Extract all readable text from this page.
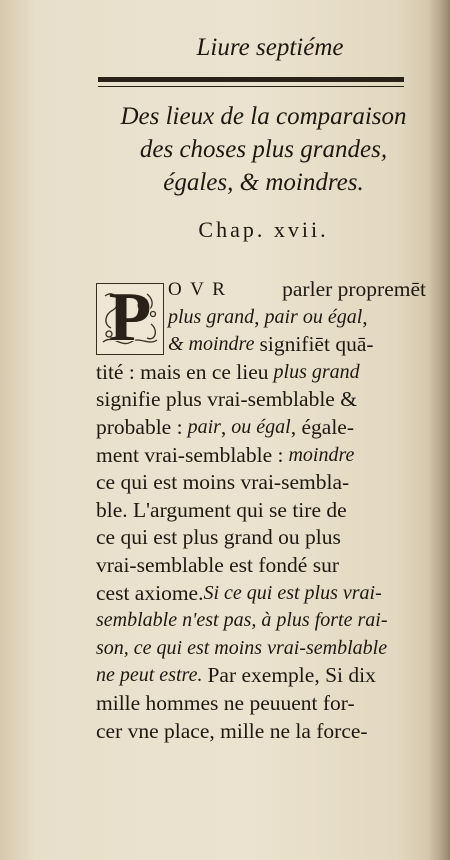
Liure septiéme
Des lieux de la comparaison
des choses plus grandes,
égales, & moindres.
Chap. xvii.
P O V R	parler propremēt
plus grand , pair ou égal ,
& moindre signifiēt quā-
tité : mais en ce lieu plus grand
signifie plus vrai-semblable &
probable : pair , ou égal , égale-
ment vrai-semblable : moindre
ce qui est moins vrai-sembla-
ble. L'argument qui se tire de
ce qui est plus grand ou plus
vrai-semblable est fondé sur
cest axiome. Si ce qui est plus vrai-
semblable n'est pas, à plus forte rai-
son, ce qui est moins vrai-semblable
ne peut estre. Par exemple, Si dix
mille hommes ne peuuent for-
cer vne place, mille ne la force-
